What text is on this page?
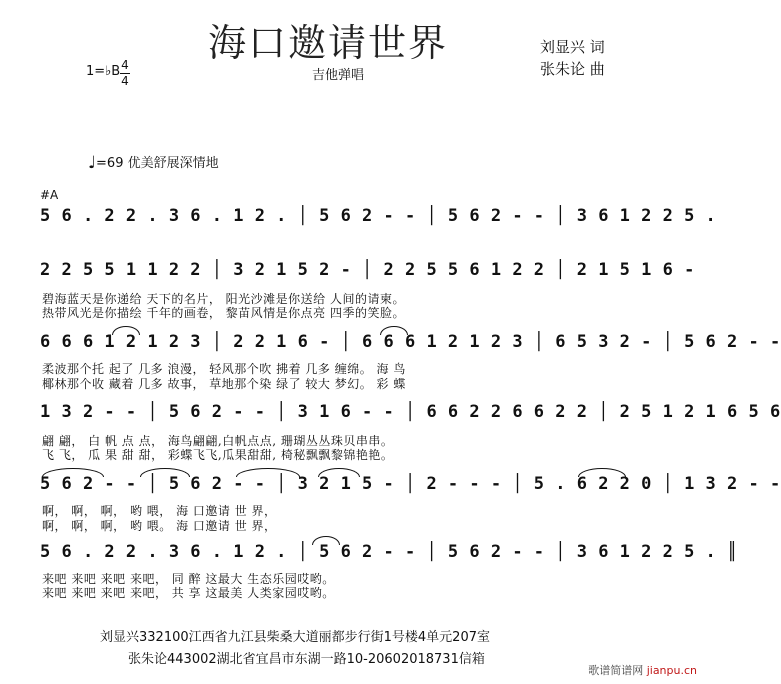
海口邀请世界
吉他弹唱
刘显兴 词
张朱论 曲
1=♭B 4
4
♩=69 优美舒展深情地
#A
5 6 . 2 2 . 3 6 . 1 2 . │ 5 6 2 - - │ 5 6 2 - - │ 3 6 1 2 2 5 .
2 2 5 5 1 1 2 2 │ 3 2 1 5 2 - │ 2 2 5 5 6 1 2 2 │ 2 1 5 1 6 -
碧海蓝天是你递给 天下的名片， 阳光沙滩是你送给 人间的请柬。
热带风光是你描绘 千年的画卷， 黎苗风情是你点亮 四季的笑脸。
6 6 6 1 2 1 2 3 │ 2 2 1 6 - │ 6 6 6 1 2 1 2 3 │ 6 5 3 2 - │ 5 6 2 - -
柔波那个托 起了 几多 浪漫， 轻风那个吹 拂着 几多 缠绵。 海 鸟
椰林那个收 藏着 几多 故事， 草地那个染 绿了 较大 梦幻。 彩 蝶
1 3 2 - - │ 5 6 2 - - │ 3 1 6 - - │ 6 6 2 2 6 6 2 2 │ 2 5 1 2 1 6 5 6
翩 翩， 白 帆 点 点， 海鸟翩翩,白帆点点, 珊瑚丛丛珠贝串串。
飞 飞， 瓜 果 甜 甜， 彩蝶飞飞,瓜果甜甜, 椅秘飘飘黎锦艳艳。
5 6 2 - - │ 5 6 2 - - │ 3 2 1 5 - │ 2 - - - │ 5 . 6 2 2 0 │ 1 3 2 - -
啊， 啊， 啊， 哟 喂， 海 口邀请 世 界，
啊， 啊， 啊， 哟 喂。 海 口邀请 世 界，
5 6 . 2 2 . 3 6 . 1 2 . │ 5 6 2 - - │ 5 6 2 - - │ 3 6 1 2 2 5 . ║
来吧 来吧 来吧 来吧， 同 醉 这最大 生态乐园哎哟。
来吧 来吧 来吧 来吧， 共 享 这最美 人类家园哎哟。
刘显兴332100江西省九江县柴桑大道丽都步行街1号楼4单元207室
张朱论443002湖北省宜昌市东湖一路10-20602018731信箱
歌谱简谱网 jianpu.cn
